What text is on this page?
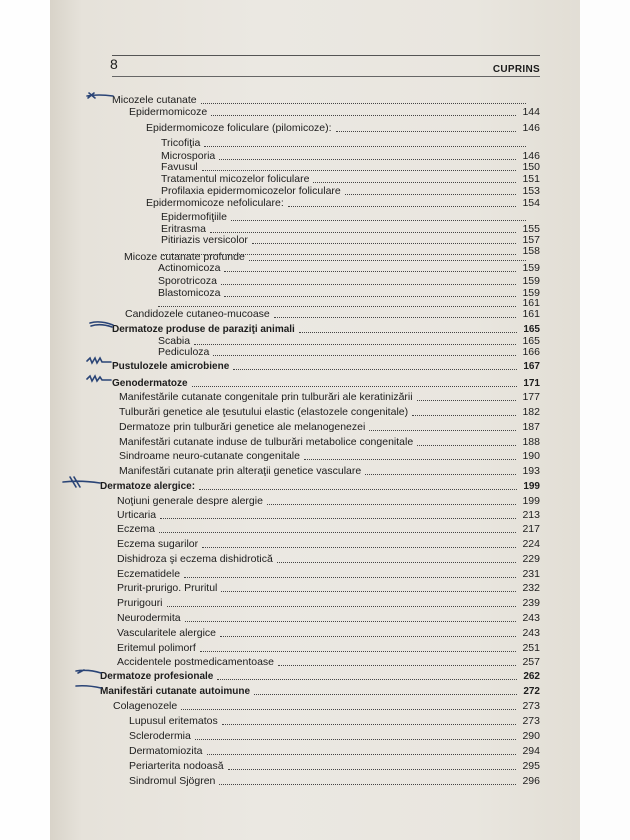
8	CUPRINS
Micozele cutanate
Epidermomicoze	144
Epidermomicoze foliculare (pilomicoze):	146
Tricofiţia
Microsporia	146
Favusul	150
Tratamentul micozelor foliculare	151
Profilaxia epidermomicozelor foliculare	153
Epidermomicoze nefoliculare:	154
Epidermofiţiile
Eritrasma	155
Pitiriazis versicolor	157
158
Micoze cutanate profunde
Actinomicoza	159
Sporotricoza	159
Blastomicoza	159
161
Candidozele cutaneo-mucoase	161
Dermatoze produse de paraziţi animali	165
Scabia	165
Pediculoza	166
Pustulozele amicrobiene	167
Genodermatoze	171
Manifestările cutanate congenitale prin tulburări ale keratinizării	177
Tulburări genetice ale ţesutului elastic (elastozele congenitale)	182
Dermatoze prin tulburări genetice ale melanogenezei	187
Manifestări cutanate induse de tulburări metabolice congenitale	188
Sindroame neuro-cutanate congenitale	190
Manifestări cutanate prin alteraţii genetice vasculare	193
Dermatoze alergice:	199
Noţiuni generale despre alergie	199
Urticaria	213
Eczema	217
Eczema sugarilor	224
Dishidroza şi eczema dishidrotică	229
Eczematidele	231
Prurit-prurigo. Pruritul	232
Prurigouri	239
Neurodermita	243
Vascularitele alergice	243
Eritemul polimorf	251
Accidentele postmedicamentoase	257
Dermatoze profesionale	262
Manifestări cutanate autoimune	272
Colagenozele	273
Lupusul eritematos	273
Sclerodermia	290
Dermatomiozita	294
Periarterita nodoasă	295
Sindromul Sjögren	296
